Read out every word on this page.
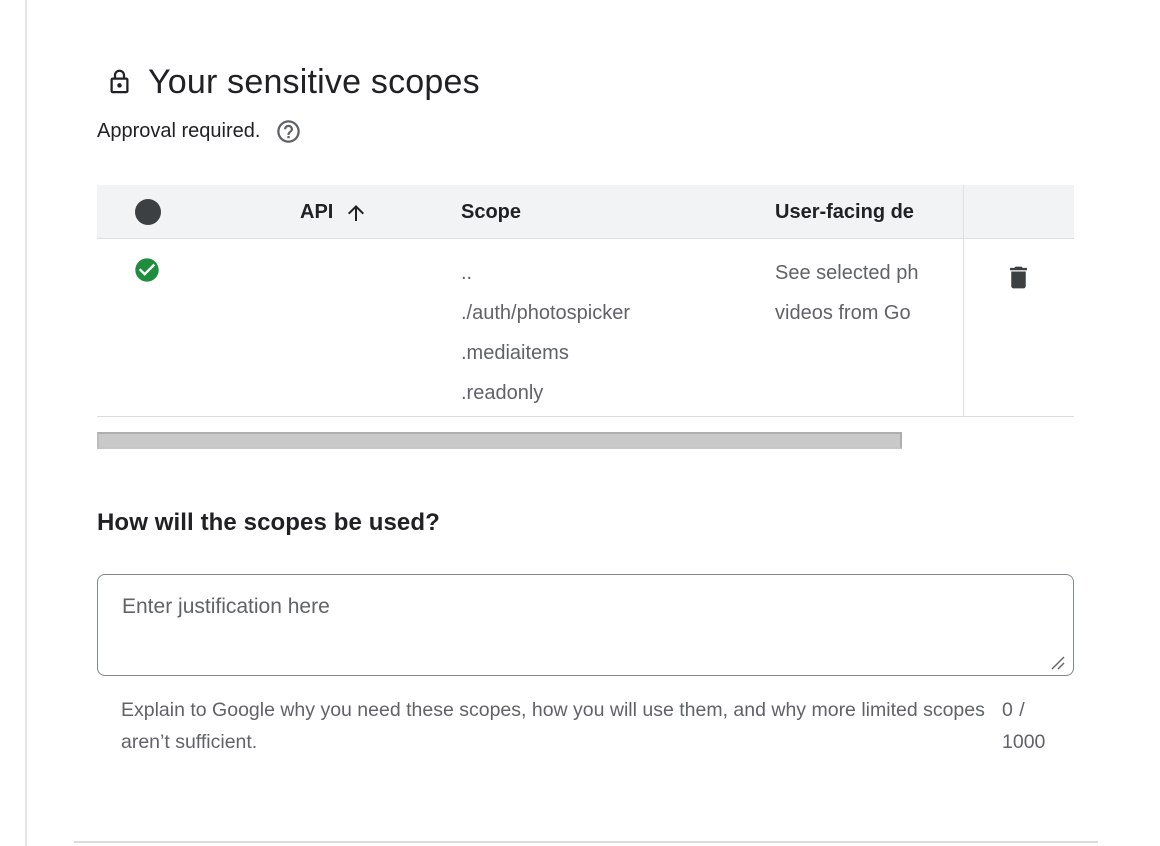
Your sensitive scopes
Approval required.
API	Scope	User-facing de
..
./auth/photospicker
.mediaitems
.readonly
See selected ph
videos from Go
How will the scopes be used?
Enter justification here
Explain to Google why you need these scopes, how you will use them, and why more limited scopes aren’t sufficient.
0 / 1000
